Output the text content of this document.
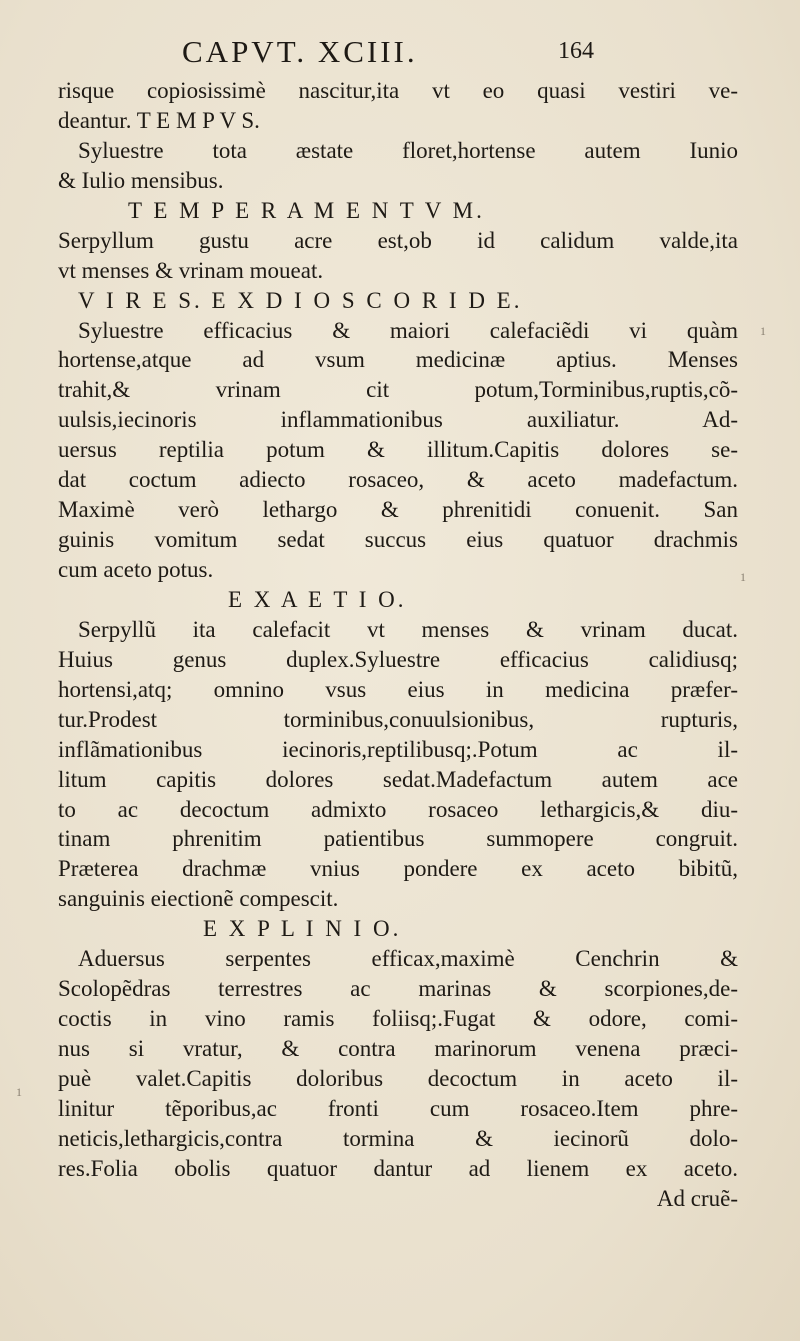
CAPVT. XCIII.	164
risque copiosissimè nascitur,ita vt eo quasi vestiri ve-
deantur. T E M P V S.
Syluestre tota æstate floret,hortense autem Iunio
& Iulio mensibus.
T E M P E R A M E N T V M.
Serpyllum gustu acre est,ob id calidum valde,ita
vt menses & vrinam moueat.
V I R E S. E X D I O S C O R I D E.
Syluestre efficacius & maiori calefaciẽdi vi quàm
hortense,atque ad vsum medicinæ aptius. Menses
trahit,& vrinam cit potum,Torminibus,ruptis,cõ-
uulsis,iecinoris inflammationibus auxiliatur. Ad-
uersus reptilia potum & illitum.Capitis dolores se-
dat coctum adiecto rosaceo, & aceto madefactum.
Maximè verò lethargo & phrenitidi conuenit. San
guinis vomitum sedat succus eius quatuor drachmis
cum aceto potus.
E X A E T I O.
Serpyllũ ita calefacit vt menses & vrinam ducat.
Huius genus duplex.Syluestre efficacius calidiusq;
hortensi,atq; omnino vsus eius in medicina præfer-
tur.Prodest torminibus,conuulsionibus, rupturis,
inflãmationibus iecinoris,reptilibusq;.Potum ac il-
litum capitis dolores sedat.Madefactum autem ace
to ac decoctum admixto rosaceo lethargicis,& diu-
tinam phrenitim patientibus summopere congruit.
Præterea drachmæ vnius pondere ex aceto bibitũ,
sanguinis eiectionẽ compescit.
E X P L I N I O.
Aduersus serpentes efficax,maximè Cenchrin &
Scolopẽdras terrestres ac marinas & scorpiones,de-
coctis in vino ramis foliisq;.Fugat & odore, comi-
nus si vratur, & contra marinorum venena præci-
puè valet.Capitis doloribus decoctum in aceto il-
linitur tẽporibus,ac fronti cum rosaceo.Item phre-
neticis,lethargicis,contra tormina & iecinorũ dolo-
res.Folia obolis quatuor dantur ad lienem ex aceto.
Ad cruẽ-
1
1
1
